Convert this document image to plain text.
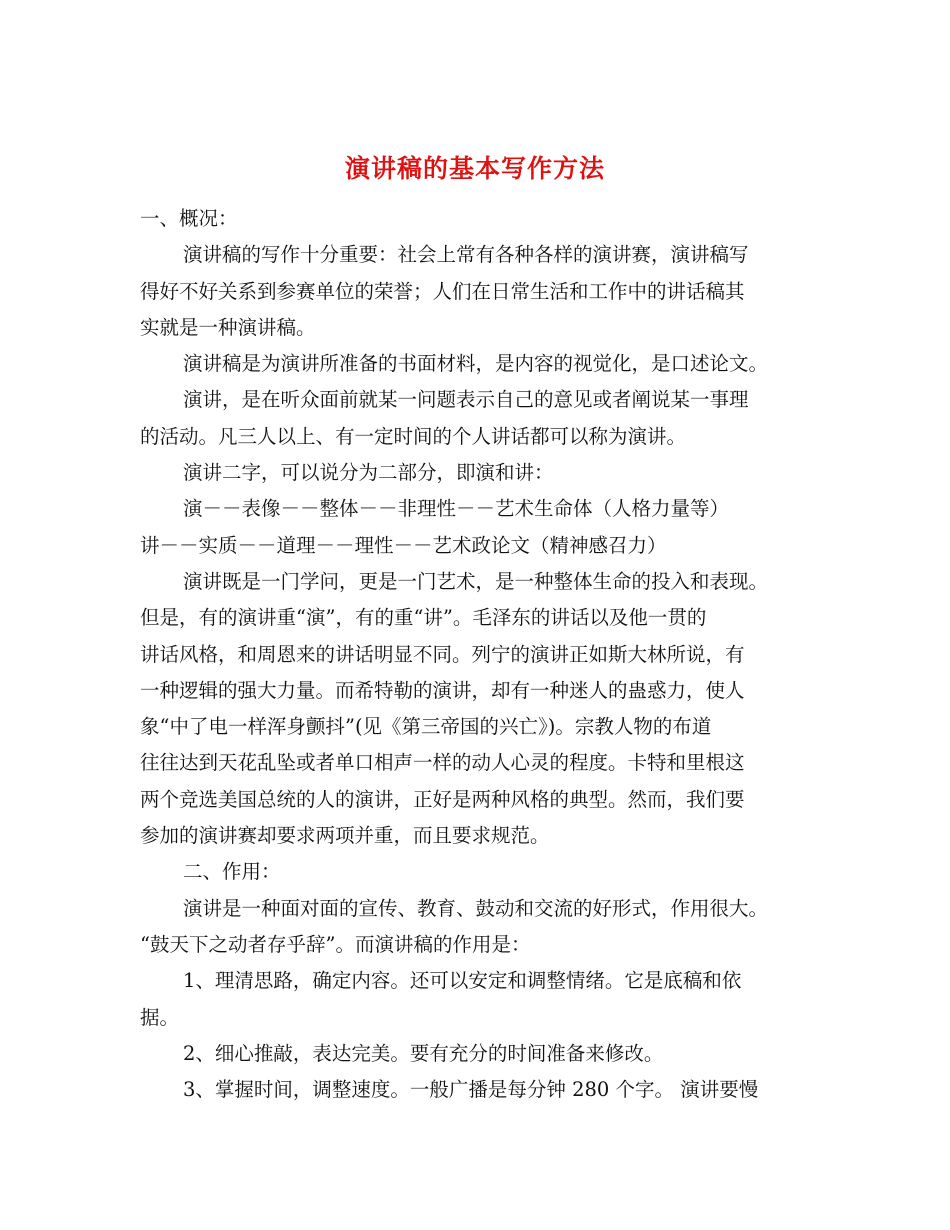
演讲稿的基本写作方法

一、概况：

演讲稿的写作十分重要：社会上常有各种各样的演讲赛，演讲稿写

得好不好关系到参赛单位的荣誉；人们在日常生活和工作中的讲话稿其

实就是一种演讲稿。

演讲稿是为演讲所准备的书面材料，是内容的视觉化，是口述论文。

演讲，是在听众面前就某一问题表示自己的意见或者阐说某一事理

的活动。凡三人以上、有一定时间的个人讲话都可以称为演讲。

演讲二字，可以说分为二部分，即演和讲：

演－－表像－－整体－－非理性－－艺术生命体（人格力量等）

讲－－实质－－道理－－理性－－艺术政论文（精神感召力）

演讲既是一门学问，更是一门艺术，是一种整体生命的投入和表现。

但是，有的演讲重“演”，有的重“讲”。毛泽东的讲话以及他一贯的

讲话风格，和周恩来的讲话明显不同。列宁的演讲正如斯大林所说，有

一种逻辑的强大力量。而希特勒的演讲，却有一种迷人的蛊惑力，使人

象“中了电一样浑身颤抖”(见《第三帝国的兴亡》)。宗教人物的布道

往往达到天花乱坠或者单口相声一样的动人心灵的程度。卡特和里根这

两个竞选美国总统的人的演讲，正好是两种风格的典型。然而，我们要

参加的演讲赛却要求两项并重，而且要求规范。

二、作用：

演讲是一种面对面的宣传、教育、鼓动和交流的好形式，作用很大。

“鼓天下之动者存乎辞”。而演讲稿的作用是：

1、理清思路，确定内容。还可以安定和调整情绪。它是底稿和依

据。

2、细心推敲，表达完美。要有充分的时间准备来修改。

3、掌握时间，调整速度。一般广播是每分钟 280 个字。 演讲要慢
